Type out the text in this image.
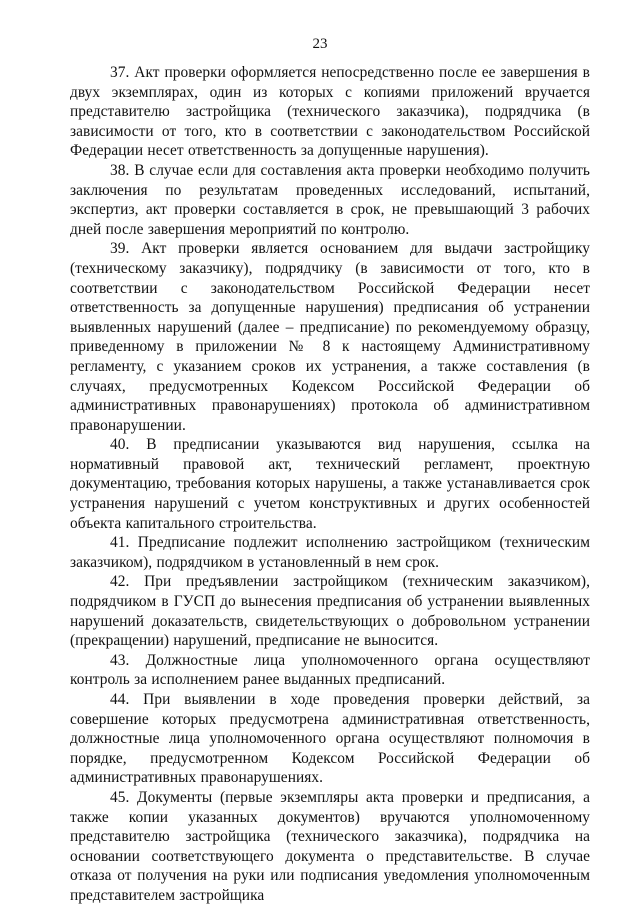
23

37. Акт проверки оформляется непосредственно после ее завершения в двух экземплярах, один из которых с копиями приложений вручается представителю застройщика (технического заказчика), подрядчика (в зависимости от того, кто в соответствии с законодательством Российской Федерации несет ответственность за допущенные нарушения).

38. В случае если для составления акта проверки необходимо получить заключения по результатам проведенных исследований, испытаний, экспертиз, акт проверки составляется в срок, не превышающий 3 рабочих дней после завершения мероприятий по контролю.

39. Акт проверки является основанием для выдачи застройщику (техническому заказчику), подрядчику (в зависимости от того, кто в соответствии с законодательством Российской Федерации несет ответственность за допущенные нарушения) предписания об устранении выявленных нарушений (далее – предписание) по рекомендуемому образцу, приведенному в приложении № 8 к настоящему Административному регламенту, с указанием сроков их устранения, а также составления (в случаях, предусмотренных Кодексом Российской Федерации об административных правонарушениях) протокола об административном правонарушении.

40. В предписании указываются вид нарушения, ссылка на нормативный правовой акт, технический регламент, проектную документацию, требования которых нарушены, а также устанавливается срок устранения нарушений с учетом конструктивных и других особенностей объекта капитального строительства.

41. Предписание подлежит исполнению застройщиком (техническим заказчиком), подрядчиком в установленный в нем срок.

42. При предъявлении застройщиком (техническим заказчиком), подрядчиком в ГУСП до вынесения предписания об устранении выявленных нарушений доказательств, свидетельствующих о добровольном устранении (прекращении) нарушений, предписание не выносится.

43. Должностные лица уполномоченного органа осуществляют контроль за исполнением ранее выданных предписаний.

44. При выявлении в ходе проведения проверки действий, за совершение которых предусмотрена административная ответственность, должностные лица уполномоченного органа осуществляют полномочия в порядке, предусмотренном Кодексом Российской Федерации об административных правонарушениях.

45. Документы (первые экземпляры акта проверки и предписания, а также копии указанных документов) вручаются уполномоченному представителю застройщика (технического заказчика), подрядчика на основании соответствующего документа о представительстве. В случае отказа от получения на руки или подписания уведомления уполномоченным представителем застройщика
